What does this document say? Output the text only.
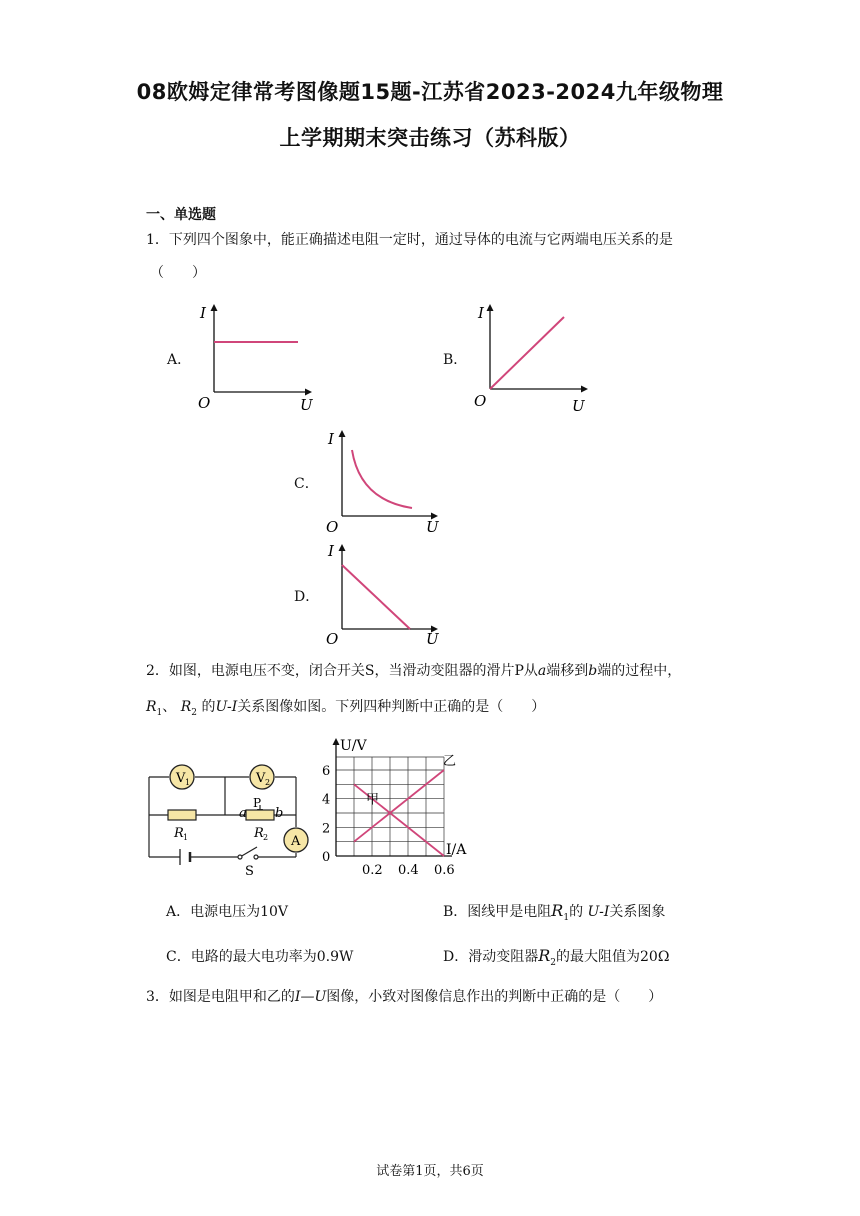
08欧姆定律常考图像题15题-江苏省2023-2024九年级物理
上学期期末突击练习（苏科版）
一、单选题
1．下列四个图象中，能正确描述电阻一定时，通过导体的电流与它两端电压关系的是
（　　）
A．
I
U
O
B．
I
U
O
C．
I
U
O
D．
I
U
O
2．如图，电源电压不变，闭合开关S，当滑动变阻器的滑片P从a端移到b端的过程中，
$R_1$、 $R_2$ 的U-I关系图像如图。下列四种判断中正确的是（　　）
V 1	V 2
R 1	R 2
a
P
b
A
S
甲
乙
0
2
4
6
0.2 0.4 0.6
U/V
I/A
A．电源电压为10V	B．图线甲是电阻$R_1$的 U-I关系图象
C．电路的最大电功率为0.9W	D．滑动变阻器$R_2$的最大阻值为20Ω
3．如图是电阻甲和乙的I—U图像，小致对图像信息作出的判断中正确的是（　　）
试卷第1页，共6页
